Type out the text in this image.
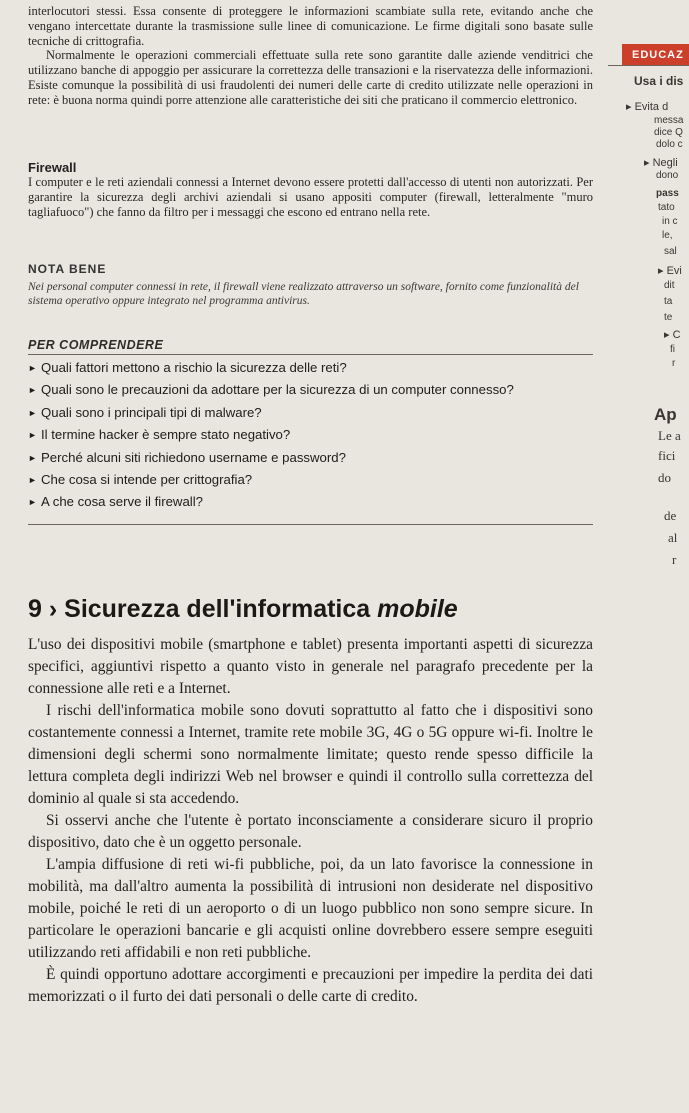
interlocutori stessi. Essa consente di proteggere le informazioni scambiate sulla rete, evitando anche che vengano intercettate durante la trasmissione sulle linee di comunicazione. Le firme digitali sono basate sulle tecniche di crittografia.

Normalmente le operazioni commerciali effettuate sulla rete sono garantite dalle aziende venditrici che utilizzano banche di appoggio per assicurare la correttezza delle transazioni e la riservatezza delle informazioni. Esiste comunque la possibilità di usi fraudolenti dei numeri delle carte di credito utilizzate nelle operazioni in rete: è buona norma quindi porre attenzione alle caratteristiche dei siti che praticano il commercio elettronico.

Firewall

I computer e le reti aziendali connessi a Internet devono essere protetti dall'accesso di utenti non autorizzati. Per garantire la sicurezza degli archivi aziendali si usano appositi computer (firewall, letteralmente "muro tagliafuoco") che fanno da filtro per i messaggi che escono ed entrano nella rete.

NOTA BENE

Nei personal computer connessi in rete, il firewall viene realizzato attraverso un software, fornito come funzionalità del sistema operativo oppure integrato nel programma antivirus.

PER COMPRENDERE

► Quali fattori mettono a rischio la sicurezza delle reti?
► Quali sono le precauzioni da adottare per la sicurezza di un computer connesso?
► Quali sono i principali tipi di malware?
► Il termine hacker è sempre stato negativo?
► Perché alcuni siti richiedono username e password?
► Che cosa si intende per crittografia?
► A che cosa serve il firewall?
9 › Sicurezza dell'informatica mobile

L'uso dei dispositivi mobile (smartphone e tablet) presenta importanti aspetti di sicurezza specifici, aggiuntivi rispetto a quanto visto in generale nel paragrafo precedente per la connessione alle reti e a Internet.

I rischi dell'informatica mobile sono dovuti soprattutto al fatto che i dispositivi sono costantemente connessi a Internet, tramite rete mobile 3G, 4G o 5G oppure wi-fi. Inoltre le dimensioni degli schermi sono normalmente limitate; questo rende spesso difficile la lettura completa degli indirizzi Web nel browser e quindi il controllo sulla correttezza del dominio al quale si sta accedendo.

Si osservi anche che l'utente è portato inconsciamente a considerare sicuro il proprio dispositivo, dato che è un oggetto personale.

L'ampia diffusione di reti wi-fi pubbliche, poi, da un lato favorisce la connessione in mobilità, ma dall'altro aumenta la possibilità di intrusioni non desiderate nel dispositivo mobile, poiché le reti di un aeroporto o di un luogo pubblico non sono sempre sicure. In particolare le operazioni bancarie e gli acquisti online dovrebbero essere sempre eseguiti utilizzando reti affidabili e non reti pubbliche.

È quindi opportuno adottare accorgimenti e precauzioni per impedire la perdita dei dati memorizzati o il furto dei dati personali o delle carte di credito.

EDUCAZ
Usa i dis
▸ Evita d
messa
dice Q
dolo c
▸ Negli
dono
pass
tato
in c
le,
sal
▸ Evi
dit
ta
te
▸ C
fi
r
Ap
Le a
fici
do
de
al
r
